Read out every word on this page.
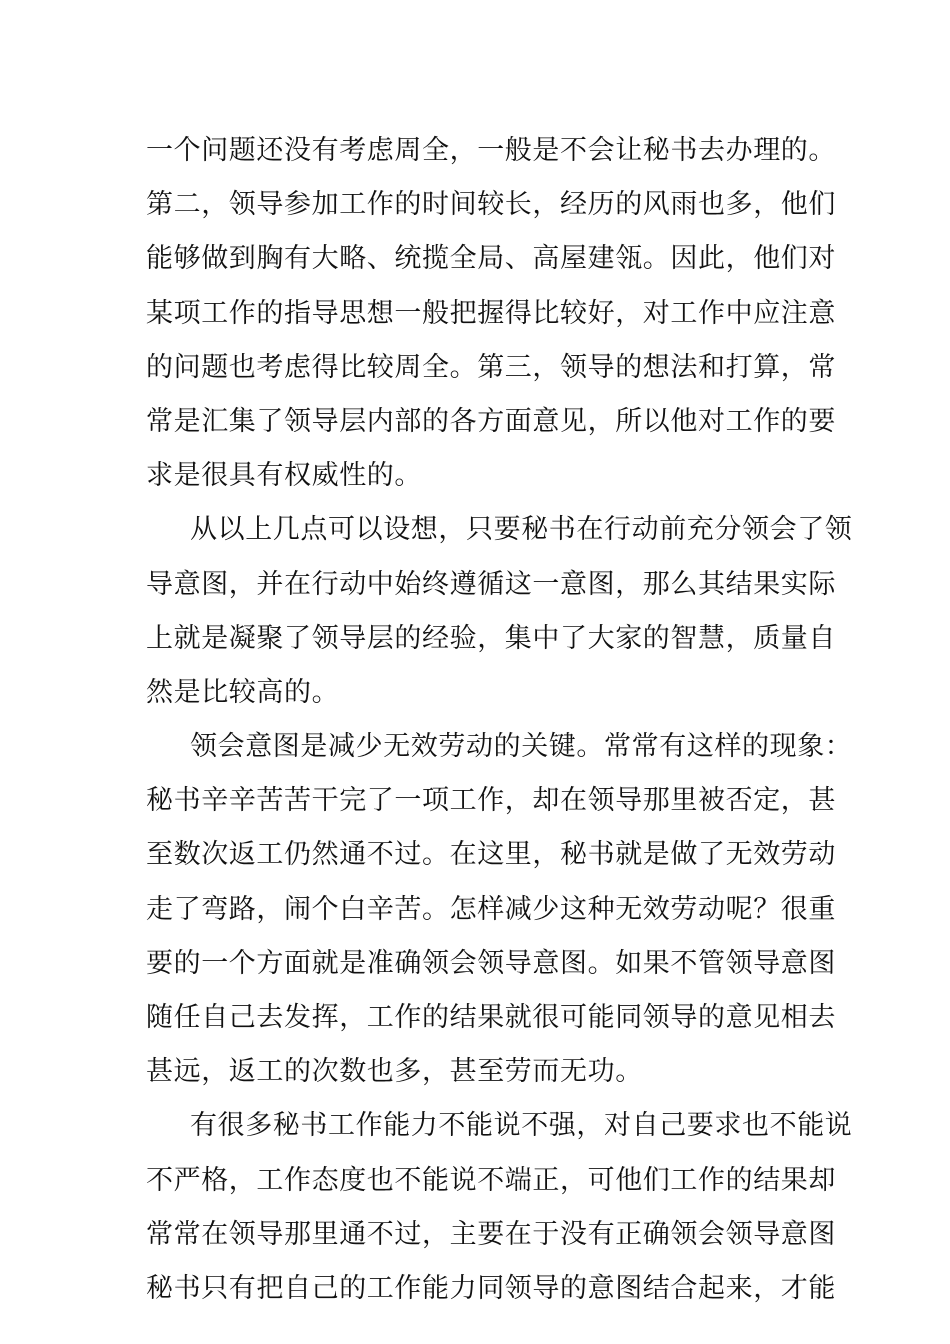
一个问题还没有考虑周全，一般是不会让秘书去办理的。
第二，领导参加工作的时间较长，经历的风雨也多，他们
能够做到胸有大略、统揽全局、高屋建瓴。因此，他们对
某项工作的指导思想一般把握得比较好，对工作中应注意
的问题也考虑得比较周全。第三，领导的想法和打算，常
常是汇集了领导层内部的各方面意见，所以他对工作的要
求是很具有权威性的。
从以上几点可以设想，只要秘书在行动前充分领会了领
导意图，并在行动中始终遵循这一意图，那么其结果实际
上就是凝聚了领导层的经验，集中了大家的智慧，质量自
然是比较高的。
领会意图是减少无效劳动的关键。常常有这样的现象：
秘书辛辛苦苦干完了一项工作，却在领导那里被否定，甚
至数次返工仍然通不过。在这里，秘书就是做了无效劳动
走了弯路，闹个白辛苦。怎样减少这种无效劳动呢？很重
要的一个方面就是准确领会领导意图。如果不管领导意图
随任自己去发挥，工作的结果就很可能同领导的意见相去
甚远，返工的次数也多，甚至劳而无功。
有很多秘书工作能力不能说不强，对自己要求也不能说
不严格，工作态度也不能说不端正，可他们工作的结果却
常常在领导那里通不过，主要在于没有正确领会领导意图
秘书只有把自己的工作能力同领导的意图结合起来，才能
